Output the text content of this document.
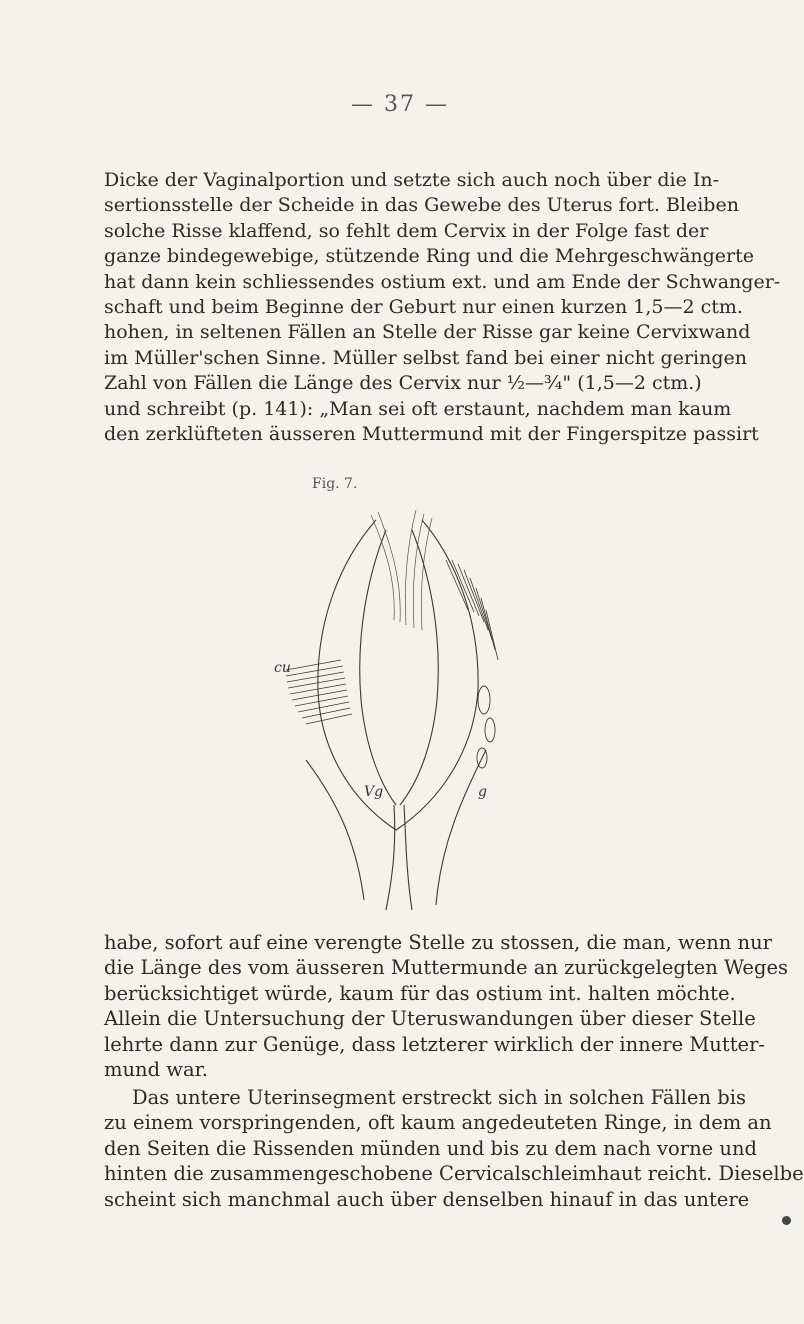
— 37 —

Dicke der Vaginalportion und setzte sich auch noch über die In-
sertionsstelle der Scheide in das Gewebe des Uterus fort. Bleiben
solche Risse klaffend, so fehlt dem Cervix in der Folge fast der
ganze bindegewebige, stützende Ring und die Mehrgeschwängerte
hat dann kein schliessendes ostium ext. und am Ende der Schwanger-
schaft und beim Beginne der Geburt nur einen kurzen 1,5—2 ctm.
hohen, in seltenen Fällen an Stelle der Risse gar keine Cervixwand
im Müller'schen Sinne. Müller selbst fand bei einer nicht geringen
Zahl von Fällen die Länge des Cervix nur ½—¾" (1,5—2 ctm.)
und schreibt (p. 141): „Man sei oft erstaunt, nachdem man kaum
den zerklüfteten äusseren Muttermund mit der Fingerspitze passirt

Fig. 7.
cu
Vg	g

habe, sofort auf eine verengte Stelle zu stossen, die man, wenn nur
die Länge des vom äusseren Muttermunde an zurückgelegten Weges
berücksichtiget würde, kaum für das ostium int. halten möchte.
Allein die Untersuchung der Uteruswandungen über dieser Stelle
lehrte dann zur Genüge, dass letzterer wirklich der innere Mutter-
mund war.

Das untere Uterinsegment erstreckt sich in solchen Fällen bis
zu einem vorspringenden, oft kaum angedeuteten Ringe, in dem an
den Seiten die Rissenden münden und bis zu dem nach vorne und
hinten die zusammengeschobene Cervicalschleimhaut reicht. Dieselbe
scheint sich manchmal auch über denselben hinauf in das untere
